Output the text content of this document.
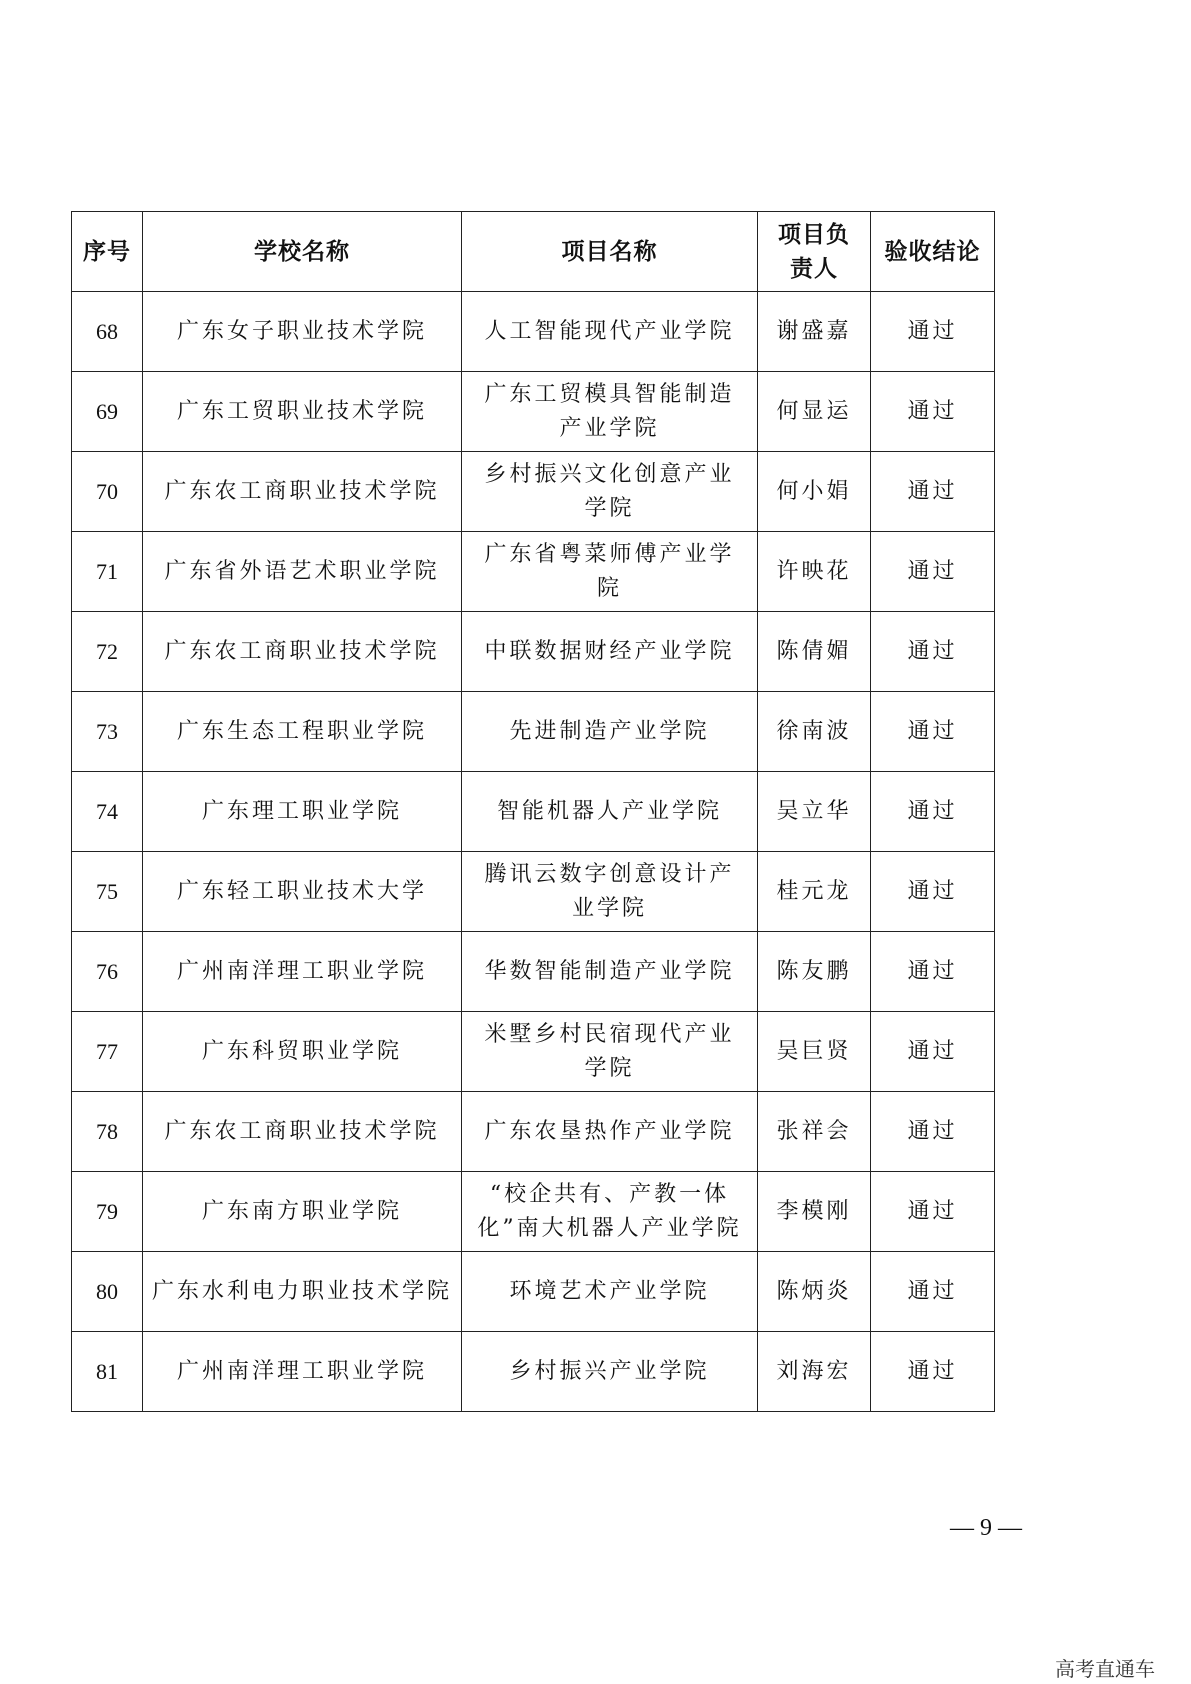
序号	学校名称	项目名称	项目负责人	验收结论
68	广东女子职业技术学院	人工智能现代产业学院	谢盛嘉	通过
69	广东工贸职业技术学院	广东工贸模具智能制造产业学院	何显运	通过
70	广东农工商职业技术学院	乡村振兴文化创意产业学院	何小娟	通过
71	广东省外语艺术职业学院	广东省粤菜师傅产业学院	许映花	通过
72	广东农工商职业技术学院	中联数据财经产业学院	陈倩媚	通过
73	广东生态工程职业学院	先进制造产业学院	徐南波	通过
74	广东理工职业学院	智能机器人产业学院	吴立华	通过
75	广东轻工职业技术大学	腾讯云数字创意设计产业学院	桂元龙	通过
76	广州南洋理工职业学院	华数智能制造产业学院	陈友鹏	通过
77	广东科贸职业学院	米墅乡村民宿现代产业学院	吴巨贤	通过
78	广东农工商职业技术学院	广东农垦热作产业学院	张祥会	通过
79	广东南方职业学院	“校企共有、产教一体化”南大机器人产业学院	李模刚	通过
80	广东水利电力职业技术学院	环境艺术产业学院	陈炳炎	通过
81	广州南洋理工职业学院	乡村振兴产业学院	刘海宏	通过
— 9 —
高考直通车
